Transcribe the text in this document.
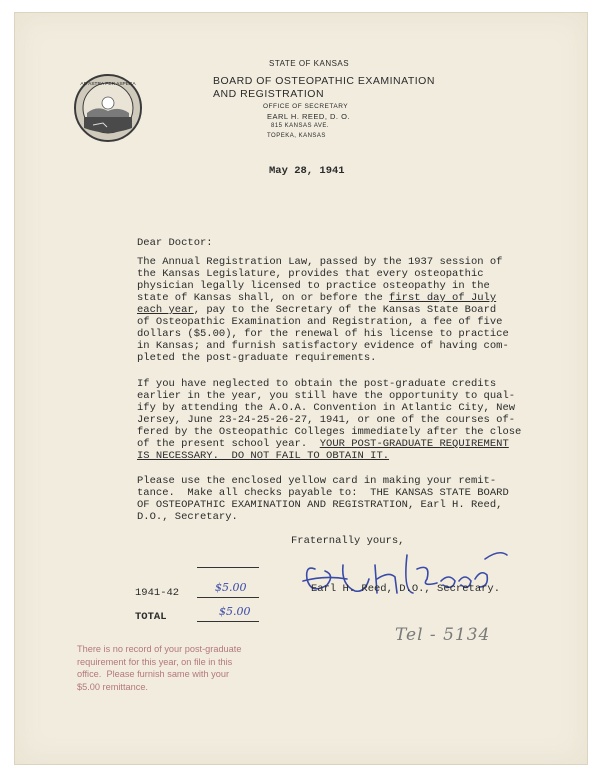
AD ASTRA PER ASPERA
STATE OF KANSAS
BOARD OF OSTEOPATHIC EXAMINATION
AND REGISTRATION
OFFICE OF SECRETARY
EARL H. REED, D. O.
815 KANSAS AVE.
TOPEKA, KANSAS
May 28, 1941
Dear Doctor:
The Annual Registration Law, passed by the 1937 session of
the Kansas Legislature, provides that every osteopathic
physician legally licensed to practice osteopathy in the
state of Kansas shall, on or before the first day of July
each year, pay to the Secretary of the Kansas State Board
of Osteopathic Examination and Registration, a fee of five
dollars ($5.00), for the renewal of his license to practice
in Kansas; and furnish satisfactory evidence of having com-
pleted the post-graduate requirements.
If you have neglected to obtain the post-graduate credits
earlier in the year, you still have the opportunity to qual-
ify by attending the A.O.A. Convention in Atlantic City, New
Jersey, June 23-24-25-26-27, 1941, or one of the courses of-
fered by the Osteopathic Colleges immediately after the close
of the present school year.  YOUR POST-GRADUATE REQUIREMENT
IS NECESSARY.  DO NOT FAIL TO OBTAIN IT.
Please use the enclosed yellow card in making your remit-
tance.  Make all checks payable to:  THE KANSAS STATE BOARD
OF OSTEOPATHIC EXAMINATION AND REGISTRATION, Earl H. Reed,
D.O., Secretary.
Fraternally yours,
Earl H. Reed, D.O., Secretary.
1941-42	$5.00
TOTAL	$5.00
Tel - 5134
There is no record of your post-graduate
requirement for this year, on file in this
office.  Please furnish same with your
$5.00 remittance.
